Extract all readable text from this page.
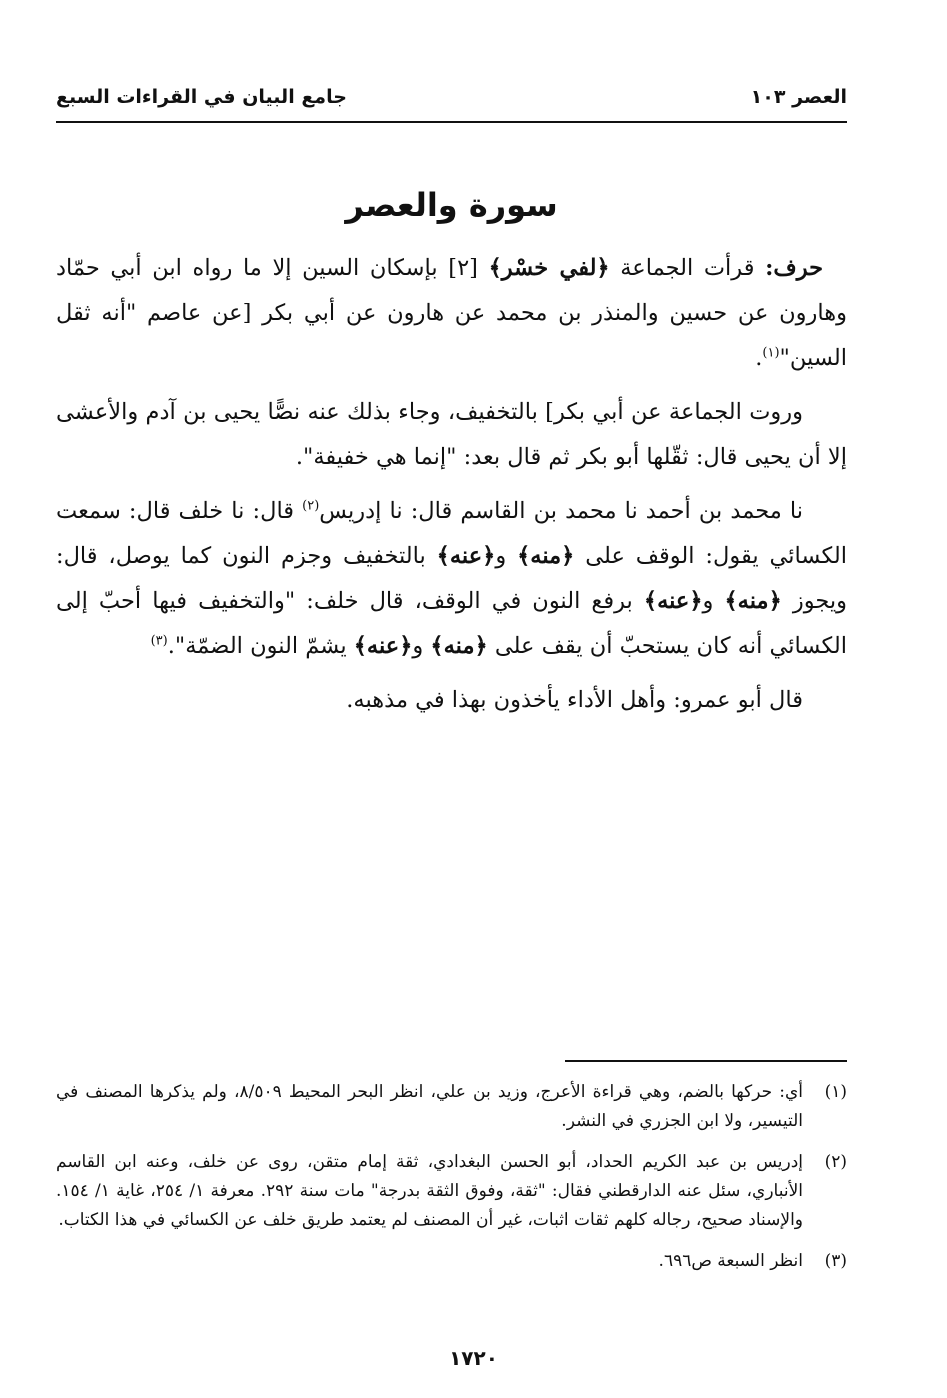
العصر ١٠٣
جامع البيان في القراءات السبع
سورة والعصر

حرف: قرأت الجماعة ﴿لفي خسْر﴾ [٢] بإسكان السين إلا ما رواه ابن أبي حمّاد وهارون عن حسين والمنذر بن محمد عن هارون عن أبي بكر [عن عاصم "أنه ثقل السين"$^{(١)}$.

وروت الجماعة عن أبي بكر] بالتخفيف، وجاء بذلك عنه نصًّا يحيى بن آدم والأعشى إلا أن يحيى قال: ثقّلها أبو بكر ثم قال بعد: "إنما هي خفيفة".

نا محمد بن أحمد نا محمد بن القاسم قال: نا إدريس$^{(٢)}$ قال: نا خلف قال: سمعت الكسائي يقول: الوقف على ﴿منه﴾ و﴿عنه﴾ بالتخفيف وجزم النون كما يوصل، قال: ويجوز ﴿منه﴾ و﴿عنه﴾ برفع النون في الوقف، قال خلف: "والتخفيف فيها أحبّ إلى الكسائي أنه كان يستحبّ أن يقف على ﴿منه﴾ و﴿عنه﴾ يشمّ النون الضمّة".$^{(٣)}$

قال أبو عمرو: وأهل الأداء يأخذون بهذا في مذهبه.

(١)
أي: حركها بالضم، وهي قراءة الأعرج، وزيد بن علي، انظر البحر المحيط ٨/٥٠٩، ولم يذكرها المصنف في التيسير، ولا ابن الجزري في النشر.
(٢)
إدريس بن عبد الكريم الحداد، أبو الحسن البغدادي، ثقة إمام متقن، روى عن خلف، وعنه ابن القاسم الأنباري، سئل عنه الدارقطني فقال: "ثقة، وفوق الثقة بدرجة" مات سنة ٢٩٢. معرفة ١/ ٢٥٤، غاية ١/ ١٥٤. والإسناد صحيح، رجاله كلهم ثقات اثبات، غير أن المصنف لم يعتمد طريق خلف عن الكسائي في هذا الكتاب.
(٣)
انظر السبعة ص٦٩٦.
١٧٢٠
